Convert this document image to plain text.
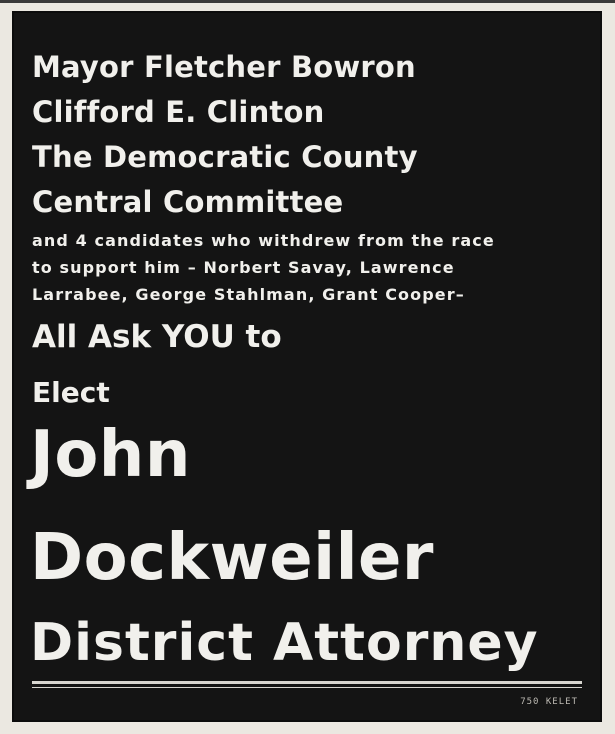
Mayor Fletcher Bowron

Clifford E. Clinton

The Democratic County

Central Committee

and 4 candidates who withdrew from the race

to support him – Norbert Savay, Lawrence

Larrabee, George Stahlman, Grant Cooper–

All Ask YOU to

Elect

John

Dockweiler

District Attorney

750 KELET
